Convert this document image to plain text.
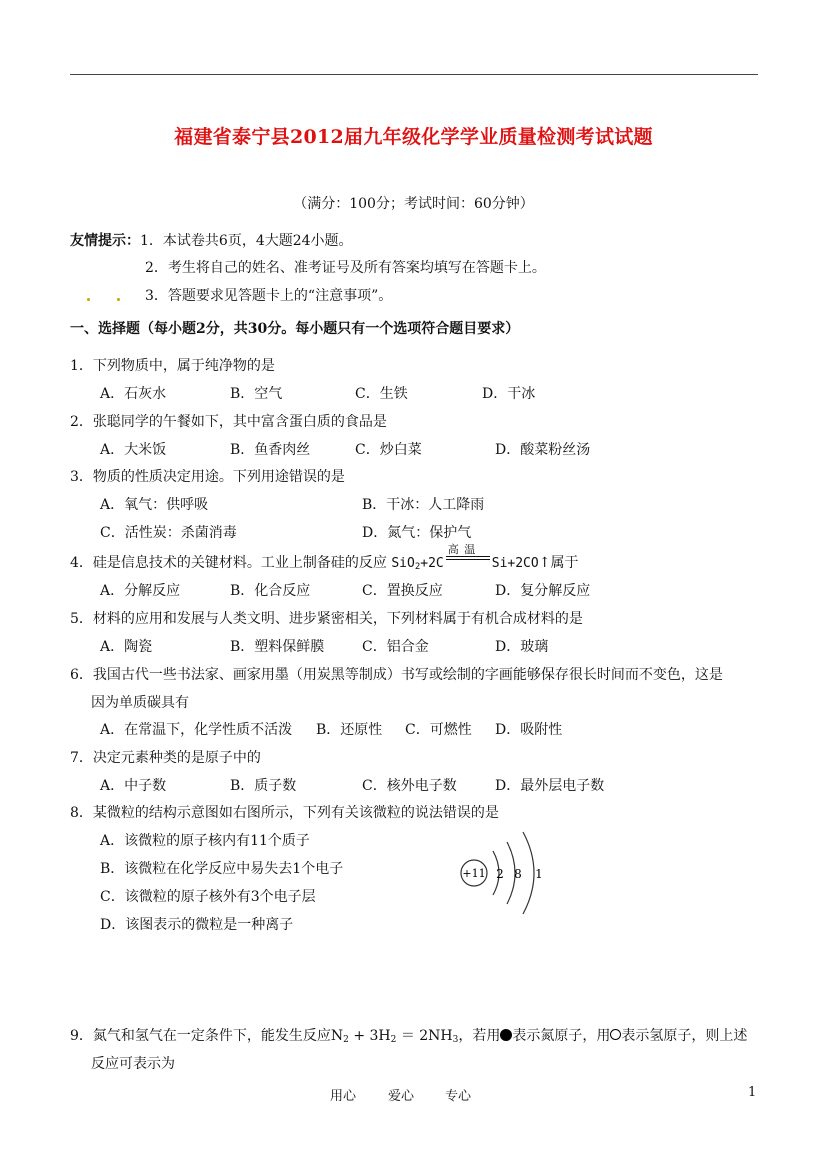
福建省泰宁县2012届九年级化学学业质量检测考试试题
（满分：100分；考试时间：60分钟）
友情提示：1．本试卷共6页，4大题24小题。
2．考生将自己的姓名、准考证号及所有答案均填写在答题卡上。
3．答题要求见答题卡上的“注意事项”。
一、选择题（每小题2分，共30分。每小题只有一个选项符合题目要求）
1．下列物质中，属于纯净物的是
A．石灰水	B．空气	C．生铁	D．干冰
2．张聪同学的午餐如下，其中富含蛋白质的食品是
A．大米饭	B．鱼香肉丝	C．炒白菜	D．酸菜粉丝汤
3．物质的性质决定用途。下列用途错误的是
A．氧气：供呼吸	B．干冰：人工降雨
C．活性炭：杀菌消毒	D．氮气：保护气
4．硅是信息技术的关键材料。工业上制备硅的反应 SiO$_2$+2C
高 温
Si+2CO↑属于
A．分解反应	B．化合反应	C．置换反应	D．复分解反应
5．材料的应用和发展与人类文明、进步紧密相关，下列材料属于有机合成材料的是
A．陶瓷	B．塑料保鲜膜	C．铝合金	D．玻璃
6．我国古代一些书法家、画家用墨（用炭黑等制成）书写或绘制的字画能够保存很长时间而不变色，这是
因为单质碳具有
A．在常温下，化学性质不活泼 B．还原性 C．可燃性 D．吸附性
7．决定元素种类的是原子中的
A．中子数	B．质子数	C．核外电子数	D．最外层电子数
8．某微粒的结构示意图如右图所示，下列有关该微粒的说法错误的是
A．该微粒的原子核内有11个质子
B．该微粒在化学反应中易失去1个电子
C．该微粒的原子核外有3个电子层
D．该图表示的微粒是一种离子
+11 2 8 1
9．氮气和氢气在一定条件下，能发生反应$N_2 + 3H_2 = 2NH_3$，若用 表示氮原子，用 表示氢原子，则上述
反应可表示为
用心 爱心 专心	1
